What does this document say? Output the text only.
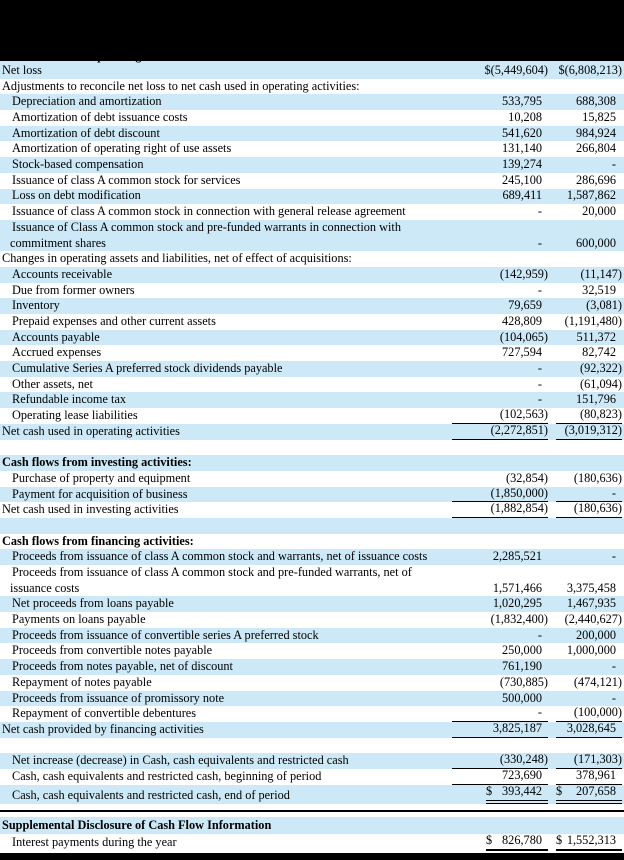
Net loss	$(5,449,604) $(6,808,213)
Adjustments to reconcile net loss to net cash used in operating activities:
Depreciation and amortization	533,795	688,308
Amortization of debt issuance costs	10,208	15,825
Amortization of debt discount	541,620	984,924
Amortization of operating right of use assets	131,140	266,804
Stock-based compensation	139,274	-
Issuance of class A common stock for services	245,100	286,696
Loss on debt modification	689,411	1,587,862
Issuance of class A common stock in connection with general release agreement	-	20,000
Issuance of Class A common stock and pre-funded warrants in connection with
commitment shares	-	600,000
Changes in operating assets and liabilities, net of effect of acquisitions:
Accounts receivable	(142,959)	(11,147)
Due from former owners	-	32,519
Inventory	79,659	(3,081)
Prepaid expenses and other current assets	428,809	(1,191,480)
Accounts payable	(104,065)	511,372
Accrued expenses	727,594	82,742
Cumulative Series A preferred stock dividends payable	-	(92,322)
Other assets, net	-	(61,094)
Refundable income tax	-	151,796
Operating lease liabilities	(102,563)	(80,823)
Net cash used in operating activities	(2,272,851)	(3,019,312)
Cash flows from investing activities:
Purchase of property and equipment	(32,854)	(180,636)
Payment for acquisition of business	(1,850,000)	-
Net cash used in investing activities	(1,882,854)	(180,636)
Cash flows from financing activities:
Proceeds from issuance of class A common stock and warrants, net of issuance costs	2,285,521	-
Proceeds from issuance of class A common stock and pre-funded warrants, net of
issuance costs	1,571,466	3,375,458
Net proceeds from loans payable	1,020,295	1,467,935
Payments on loans payable	(1,832,400)	(2,440,627)
Proceeds from issuance of convertible series A preferred stock	-	200,000
Proceeds from convertible notes payable	250,000	1,000,000
Proceeds from notes payable, net of discount	761,190	-
Repayment of notes payable	(730,885)	(474,121)
Proceeds from issuance of promissory note	500,000	-
Repayment of convertible debentures	-	(100,000)
Net cash provided by financing activities	3,825,187	3,028,645
Net increase (decrease) in Cash, cash equivalents and restricted cash	(330,248)	(171,303)
Cash, cash equivalents and restricted cash, beginning of period	723,690	378,961
Cash, cash equivalents and restricted cash, end of period	$ 393,442	$ 207,658
Supplemental Disclosure of Cash Flow Information
Interest payments during the year	$ 826,780	$ 1,552,313
